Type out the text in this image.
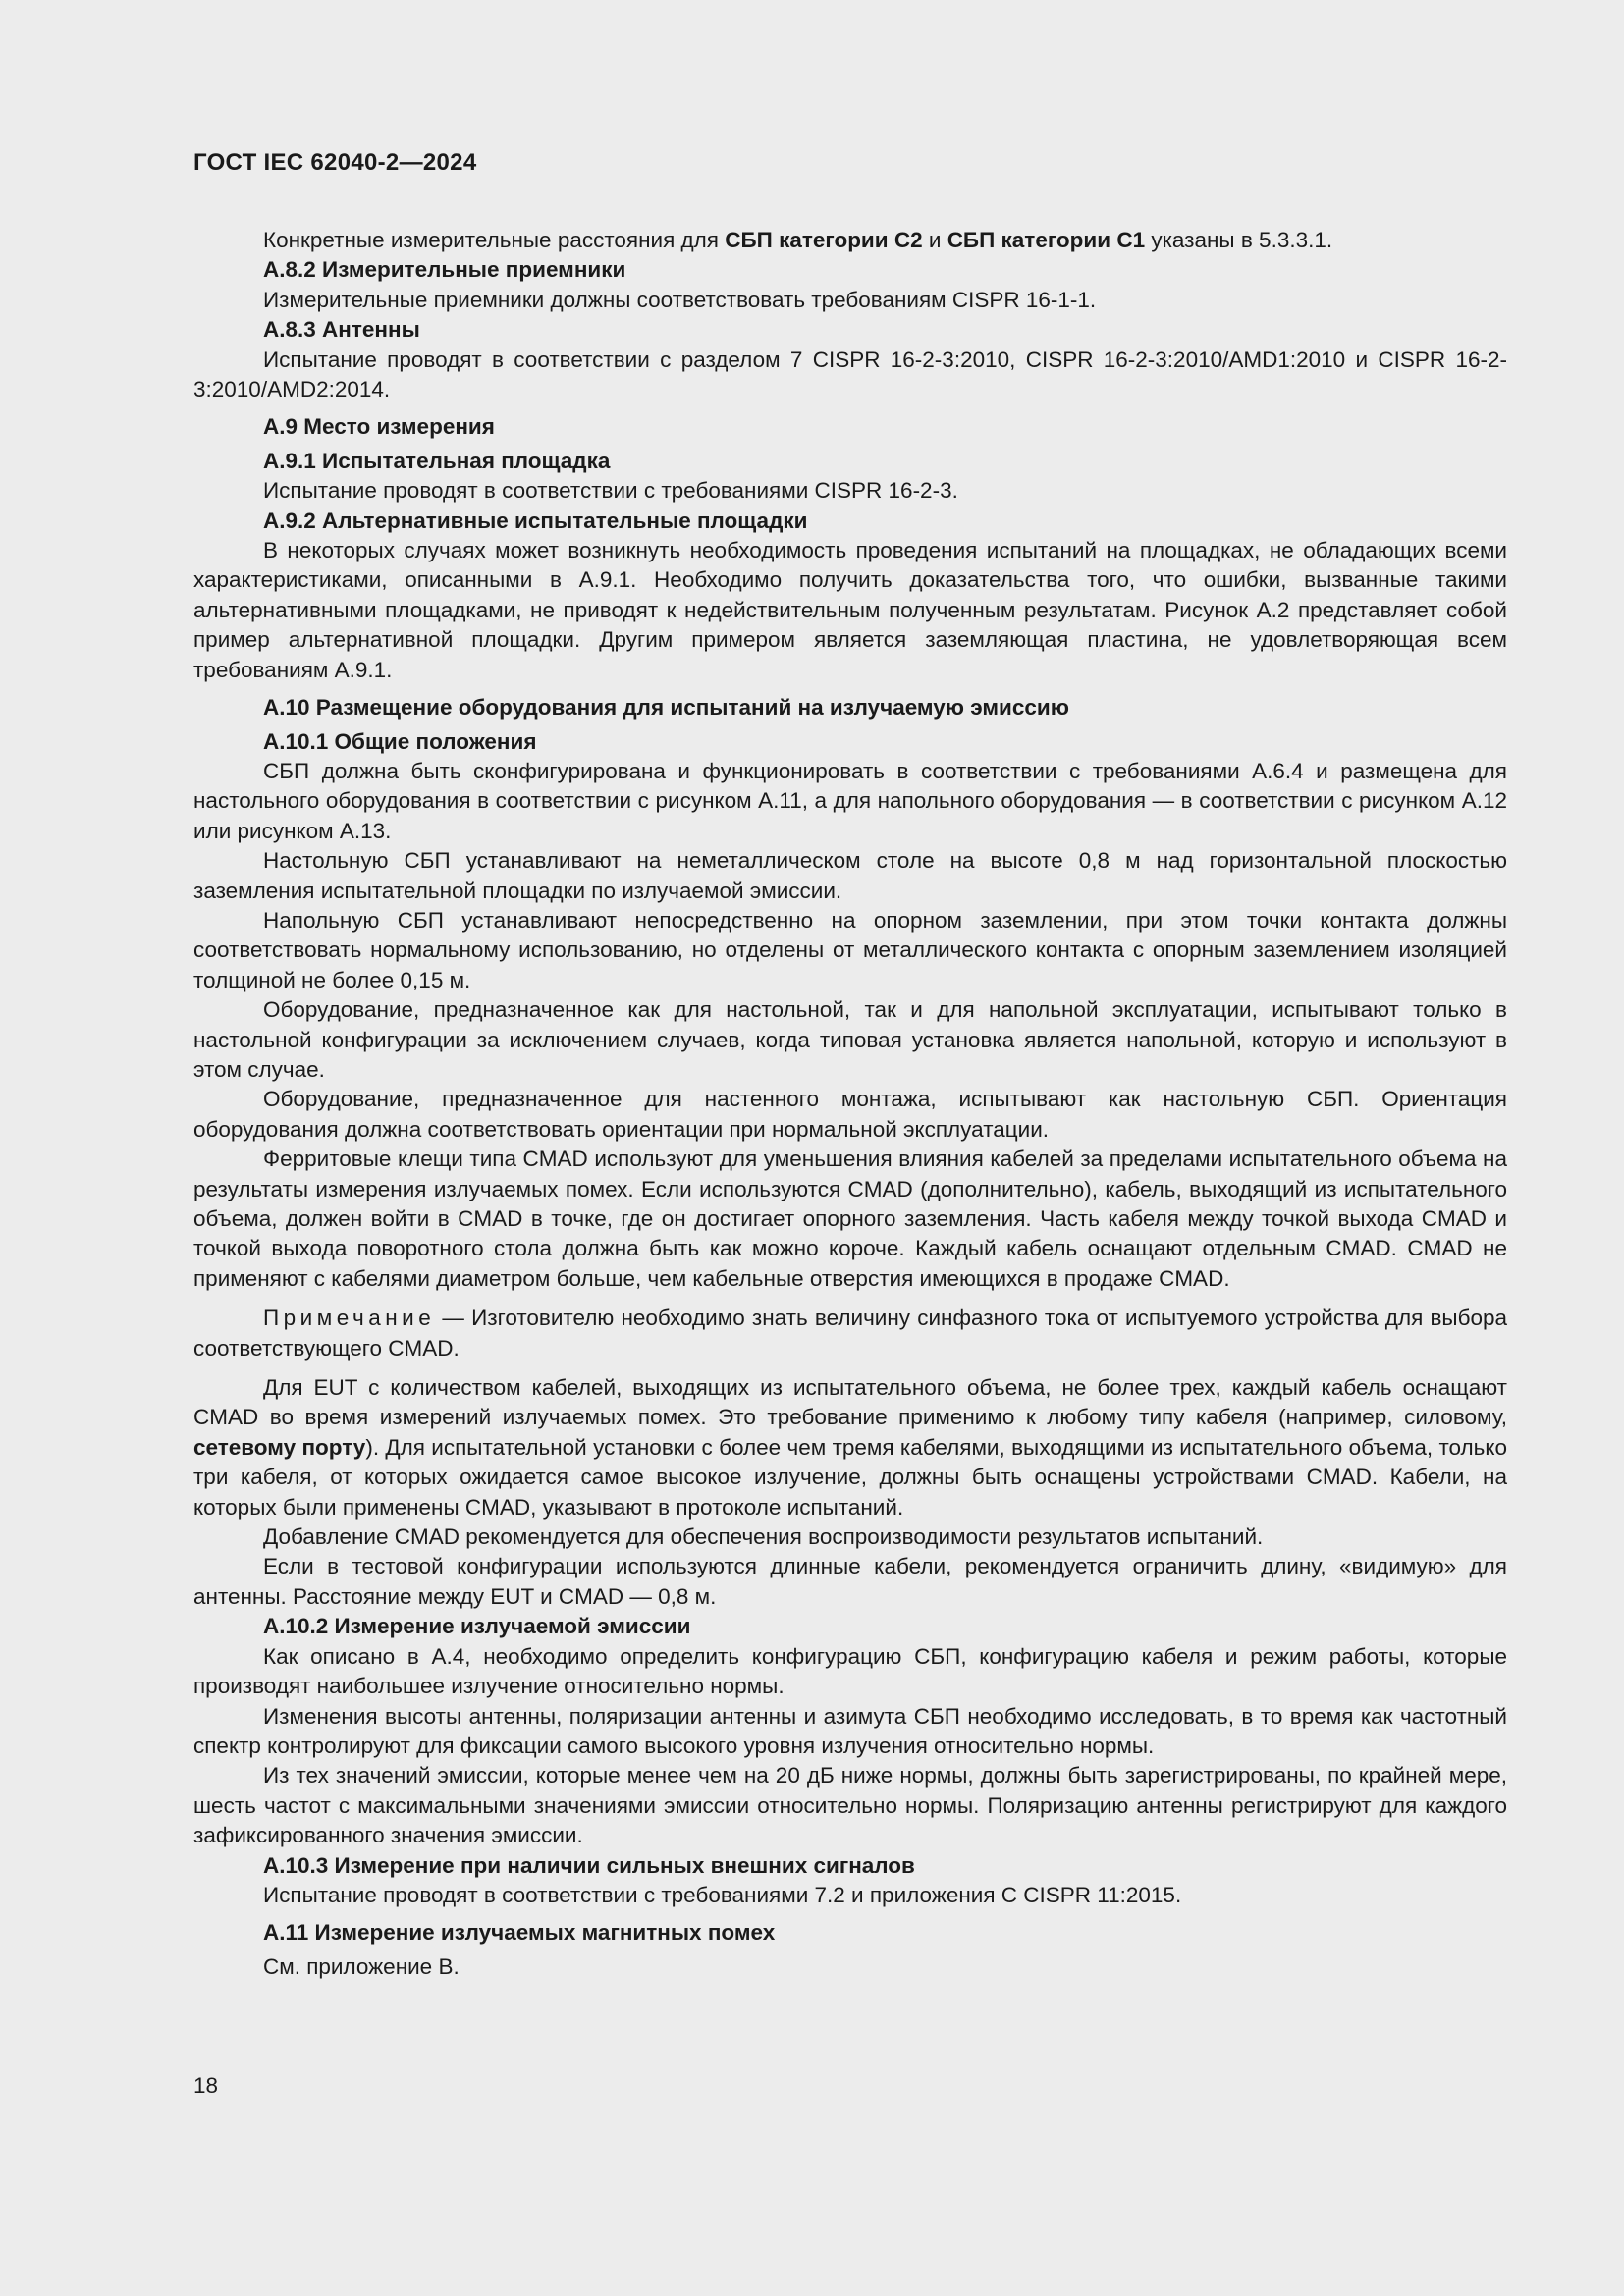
ГОСТ IEC 62040-2—2024

Конкретные измерительные расстояния для СБП категории С2 и СБП категории С1 указаны в 5.3.3.1.

А.8.2 Измерительные приемники

Измерительные приемники должны соответствовать требованиям CISPR 16-1-1.

А.8.3 Антенны

Испытание проводят в соответствии с разделом 7 CISPR 16-2-3:2010, CISPR 16-2-3:2010/AMD1:2010 и CISPR 16-2-3:2010/AMD2:2014.

А.9 Место измерения
А.9.1 Испытательная площадка

Испытание проводят в соответствии с требованиями CISPR 16-2-3.

А.9.2 Альтернативные испытательные площадки

В некоторых случаях может возникнуть необходимость проведения испытаний на площадках, не обладающих всеми характеристиками, описанными в А.9.1. Необходимо получить доказательства того, что ошибки, вызванные такими альтернативными площадками, не приводят к недействительным полученным результатам. Рисунок А.2 представляет собой пример альтернативной площадки. Другим примером является заземляющая пластина, не удовлетворяющая всем требованиям А.9.1.

А.10 Размещение оборудования для испытаний на излучаемую эмиссию
А.10.1 Общие положения

СБП должна быть сконфигурирована и функционировать в соответствии с требованиями А.6.4 и размещена для настольного оборудования в соответствии с рисунком А.11, а для напольного оборудования — в соответствии с рисунком А.12 или рисунком А.13.

Настольную СБП устанавливают на неметаллическом столе на высоте 0,8 м над горизонтальной плоскостью заземления испытательной площадки по излучаемой эмиссии.

Напольную СБП устанавливают непосредственно на опорном заземлении, при этом точки контакта должны соответствовать нормальному использованию, но отделены от металлического контакта с опорным заземлением изоляцией толщиной не более 0,15 м.

Оборудование, предназначенное как для настольной, так и для напольной эксплуатации, испытывают только в настольной конфигурации за исключением случаев, когда типовая установка является напольной, которую и используют в этом случае.

Оборудование, предназначенное для настенного монтажа, испытывают как настольную СБП. Ориентация оборудования должна соответствовать ориентации при нормальной эксплуатации.

Ферритовые клещи типа CMAD используют для уменьшения влияния кабелей за пределами испытательного объема на результаты измерения излучаемых помех. Если используются CMAD (дополнительно), кабель, выходящий из испытательного объема, должен войти в CMAD в точке, где он достигает опорного заземления. Часть кабеля между точкой выхода CMAD и точкой выхода поворотного стола должна быть как можно короче. Каждый кабель оснащают отдельным CMAD. CMAD не применяют с кабелями диаметром больше, чем кабельные отверстия имеющихся в продаже CMAD.

Примечание — Изготовителю необходимо знать величину синфазного тока от испытуемого устройства для выбора соответствующего CMAD.

Для EUT с количеством кабелей, выходящих из испытательного объема, не более трех, каждый кабель оснащают CMAD во время измерений излучаемых помех. Это требование применимо к любому типу кабеля (например, силовому, сетевому порту). Для испытательной установки с более чем тремя кабелями, выходящими из испытательного объема, только три кабеля, от которых ожидается самое высокое излучение, должны быть оснащены устройствами CMAD. Кабели, на которых были применены CMAD, указывают в протоколе испытаний.

Добавление CMAD рекомендуется для обеспечения воспроизводимости результатов испытаний.

Если в тестовой конфигурации используются длинные кабели, рекомендуется ограничить длину, «видимую» для антенны. Расстояние между EUT и CMAD — 0,8 м.

А.10.2 Измерение излучаемой эмиссии

Как описано в А.4, необходимо определить конфигурацию СБП, конфигурацию кабеля и режим работы, которые производят наибольшее излучение относительно нормы.

Изменения высоты антенны, поляризации антенны и азимута СБП необходимо исследовать, в то время как частотный спектр контролируют для фиксации самого высокого уровня излучения относительно нормы.

Из тех значений эмиссии, которые менее чем на 20 дБ ниже нормы, должны быть зарегистрированы, по крайней мере, шесть частот с максимальными значениями эмиссии относительно нормы. Поляризацию антенны регистрируют для каждого зафиксированного значения эмиссии.

А.10.3 Измерение при наличии сильных внешних сигналов

Испытание проводят в соответствии с требованиями 7.2 и приложения С CISPR 11:2015.

А.11 Измерение излучаемых магнитных помех

См. приложение В.

18
